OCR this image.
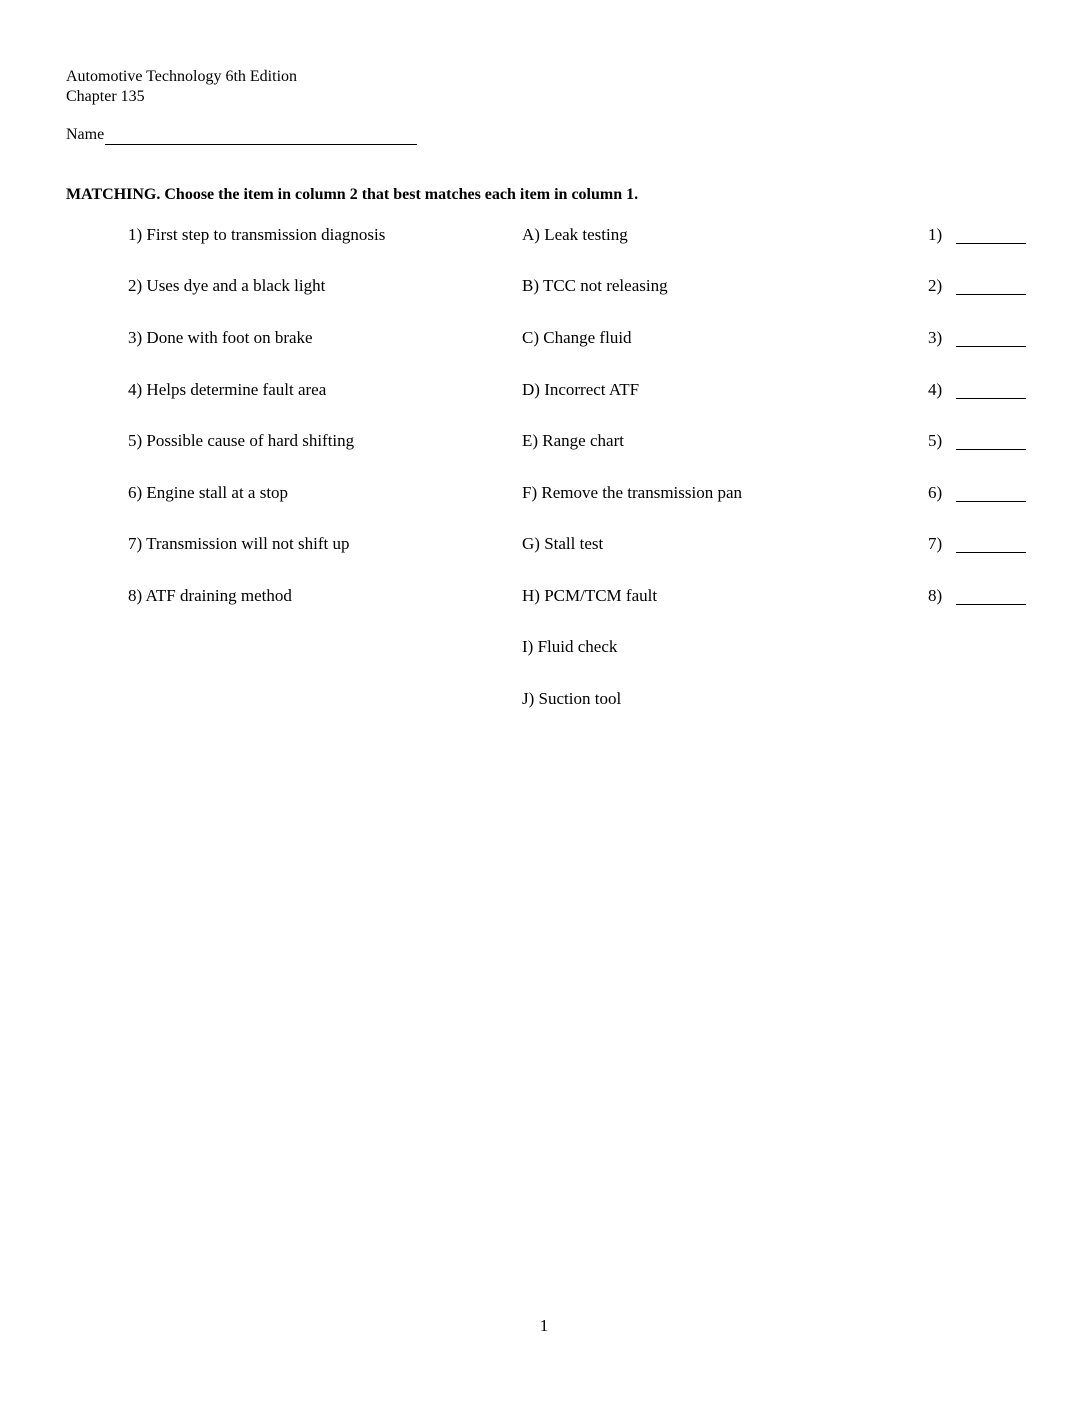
Automotive Technology 6th Edition
Chapter 135
Name
MATCHING. Choose the item in column 2 that best matches each item in column 1.
1) First step to transmission diagnosis
2) Uses dye and a black light
3) Done with foot on brake
4) Helps determine fault area
5) Possible cause of hard shifting
6) Engine stall at a stop
7) Transmission will not shift up
8) ATF draining method
A) Leak testing
B) TCC not releasing
C) Change fluid
D) Incorrect ATF
E) Range chart
F) Remove the transmission pan
G) Stall test
H) PCM/TCM fault
I) Fluid check
J) Suction tool
1)
2)
3)
4)
5)
6)
7)
8)
1
